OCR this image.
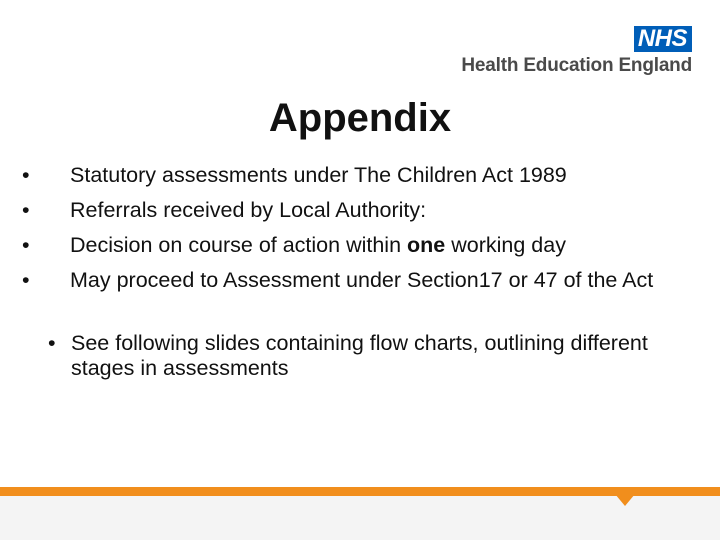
NHS
Health Education England
Appendix
• Statutory assessments under The Children Act 1989
• Referrals received by Local Authority:
• Decision on course of action within one working day
• May proceed to Assessment under Section17 or 47 of the Act
• See following slides containing flow charts, outlining different stages in assessments
